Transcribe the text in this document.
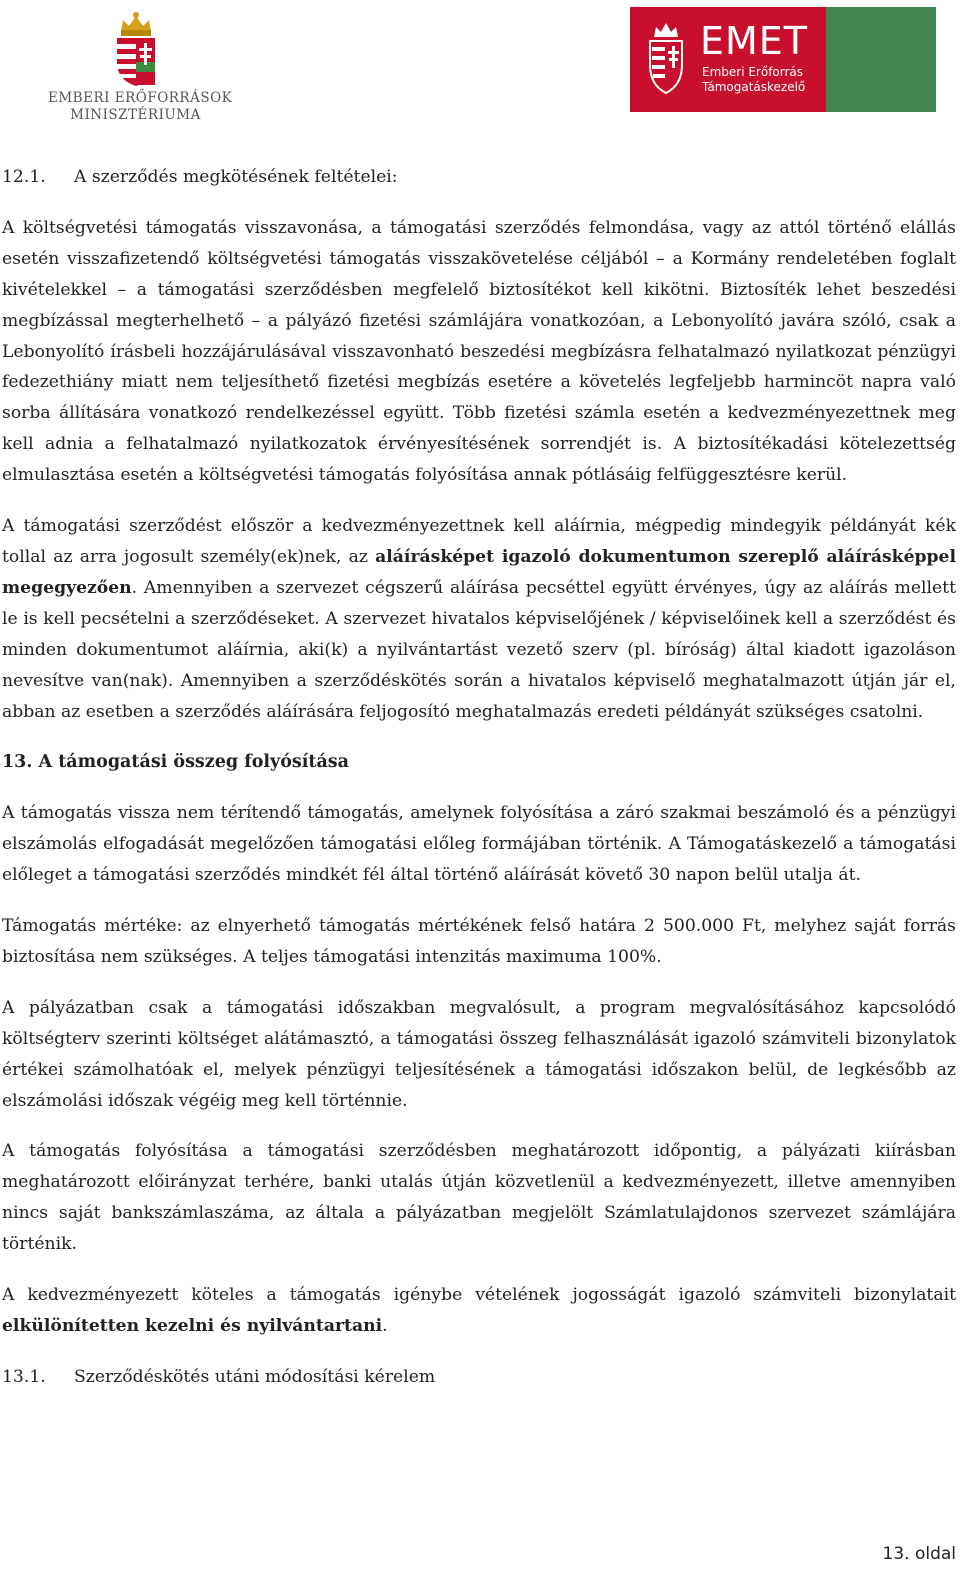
EMBERI ERŐFORRÁSOK
MINISZTÉRIUMA
EMET
Emberi Erőforrás
Támogatáskezelő
12.1. A szerződés megkötésének feltételei:

A költségvetési támogatás visszavonása, a támogatási szerződés felmondása, vagy az attól történő elállás esetén visszafizetendő költségvetési támogatás visszakövetelése céljából – a Kormány rendeletében foglalt kivételekkel – a támogatási szerződésben megfelelő biztosítékot kell kikötni. Biztosíték lehet beszedési megbízással megterhelhető – a pályázó fizetési számlájára vonatkozóan, a Lebonyolító javára szóló, csak a Lebonyolító írásbeli hozzájárulásával visszavonható beszedési megbízásra felhatalmazó nyilatkozat pénzügyi fedezethiány miatt nem teljesíthető fizetési megbízás esetére a követelés legfeljebb harmincöt napra való sorba állítására vonatkozó rendelkezéssel együtt. Több fizetési számla esetén a kedvezményezettnek meg kell adnia a felhatalmazó nyilatkozatok érvényesítésének sorrendjét is. A biztosítékadási kötelezettség elmulasztása esetén a költségvetési támogatás folyósítása annak pótlásáig felfüggesztésre kerül.

A támogatási szerződést először a kedvezményezettnek kell aláírnia, mégpedig mindegyik példányát kék tollal az arra jogosult személy(ek)nek, az aláírásképet igazoló dokumentumon szereplő aláírásképpel megegyezően. Amennyiben a szervezet cégszerű aláírása pecséttel együtt érvényes, úgy az aláírás mellett le is kell pecsételni a szerződéseket. A szervezet hivatalos képviselőjének / képviselőinek kell a szerződést és minden dokumentumot aláírnia, aki(k) a nyilvántartást vezető szerv (pl. bíróság) által kiadott igazoláson nevesítve van(nak). Amennyiben a szerződéskötés során a hivatalos képviselő meghatalmazott útján jár el, abban az esetben a szerződés aláírására feljogosító meghatalmazás eredeti példányát szükséges csatolni.

13. A támogatási összeg folyósítása

A támogatás vissza nem térítendő támogatás, amelynek folyósítása a záró szakmai beszámoló és a pénzügyi elszámolás elfogadását megelőzően támogatási előleg formájában történik. A Támogatáskezelő a támogatási előleget a támogatási szerződés mindkét fél által történő aláírását követő 30 napon belül utalja át.

Támogatás mértéke: az elnyerhető támogatás mértékének felső határa 2 500.000 Ft, melyhez saját forrás biztosítása nem szükséges. A teljes támogatási intenzitás maximuma 100%.

A pályázatban csak a támogatási időszakban megvalósult, a program megvalósításához kapcsolódó költségterv szerinti költséget alátámasztó, a támogatási összeg felhasználását igazoló számviteli bizonylatok értékei számolhatóak el, melyek pénzügyi teljesítésének a támogatási időszakon belül, de legkésőbb az elszámolási időszak végéig meg kell történnie.

A támogatás folyósítása a támogatási szerződésben meghatározott időpontig, a pályázati kiírásban meghatározott előirányzat terhére, banki utalás útján közvetlenül a kedvezményezett, illetve amennyiben nincs saját bankszámlaszáma, az általa a pályázatban megjelölt Számlatulajdonos szervezet számlájára történik.

A kedvezményezett köteles a támogatás igénybe vételének jogosságát igazoló számviteli bizonylatait elkülönítetten kezelni és nyilvántartani.

13.1. Szerződéskötés utáni módosítási kérelem
13. oldal
